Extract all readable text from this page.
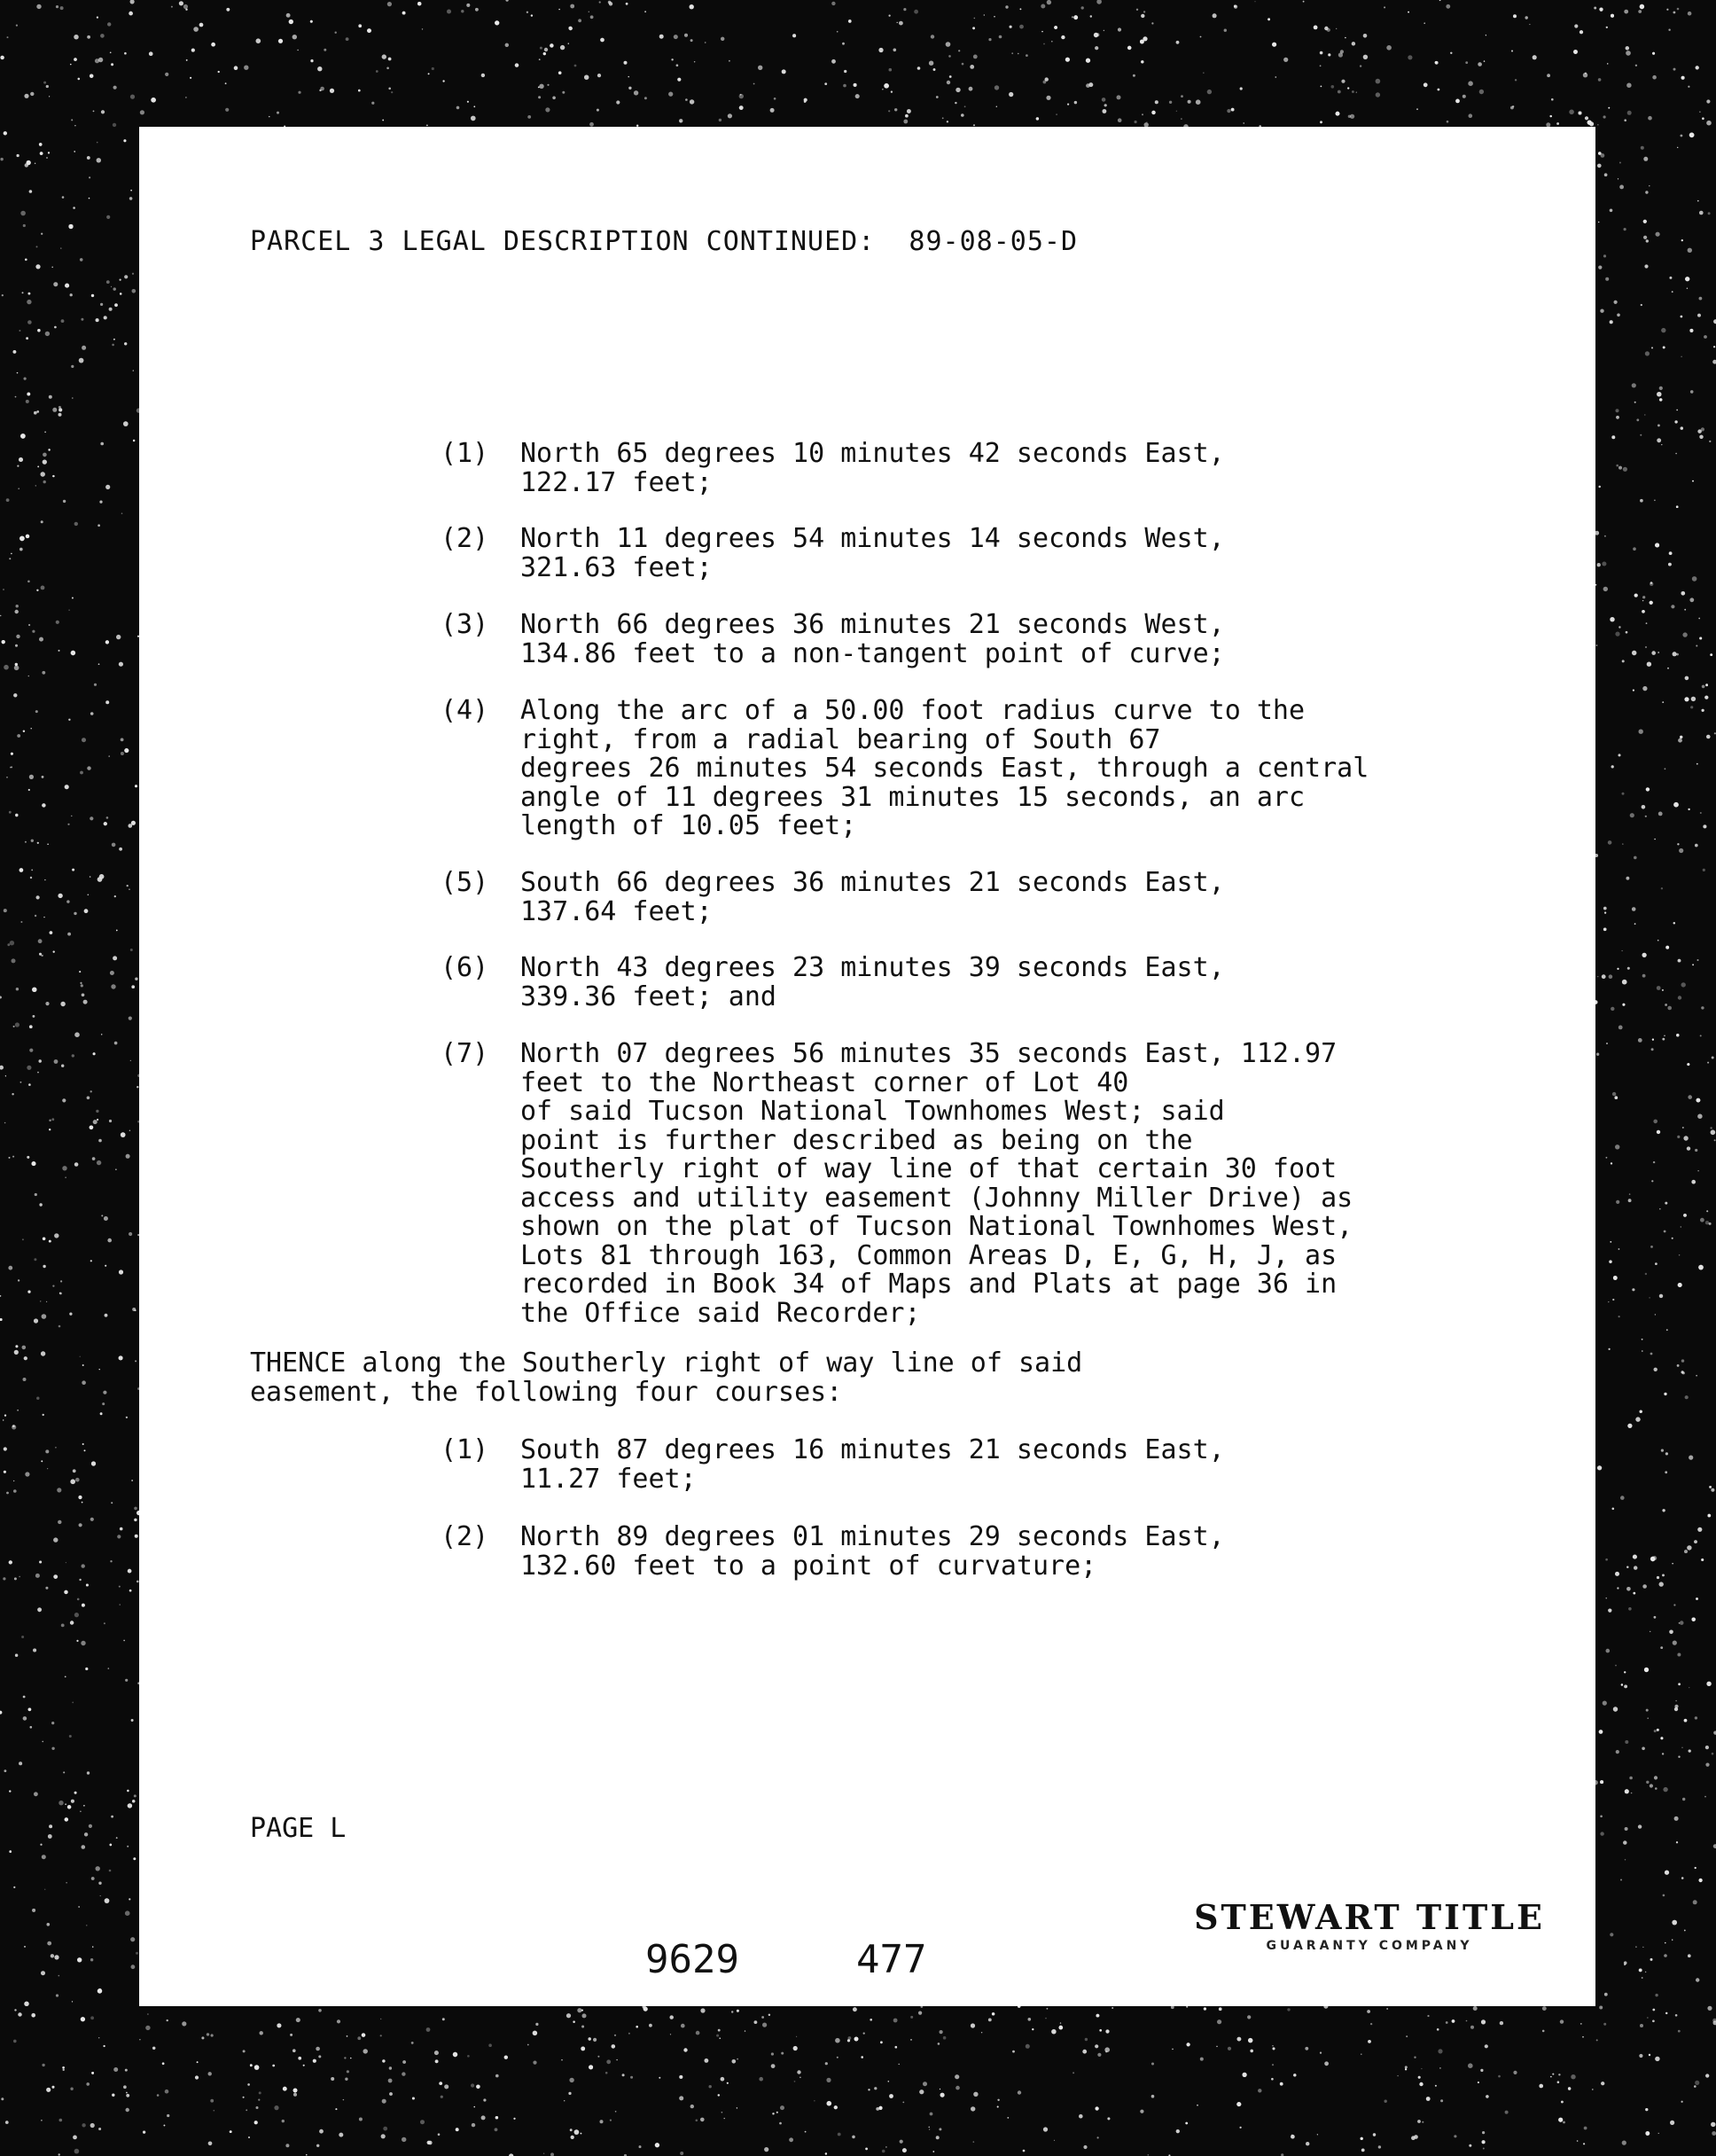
PARCEL 3 LEGAL DESCRIPTION CONTINUED:  89-08-05-D
(1) North 65 degrees 10 minutes 42 seconds East,
122.17 feet;
(2) North 11 degrees 54 minutes 14 seconds West,
321.63 feet;
(3) North 66 degrees 36 minutes 21 seconds West,
134.86 feet to a non-tangent point of curve;
(4) Along the arc of a 50.00 foot radius curve to the
right, from a radial bearing of South 67
degrees 26 minutes 54 seconds East, through a central
angle of 11 degrees 31 minutes 15 seconds, an arc
length of 10.05 feet;
(5) South 66 degrees 36 minutes 21 seconds East,
137.64 feet;
(6) North 43 degrees 23 minutes 39 seconds East,
339.36 feet; and
(7) North 07 degrees 56 minutes 35 seconds East, 112.97
feet to the Northeast corner of Lot 40
of said Tucson National Townhomes West; said
point is further described as being on the
Southerly right of way line of that certain 30 foot
access and utility easement (Johnny Miller Drive) as
shown on the plat of Tucson National Townhomes West,
Lots 81 through 163, Common Areas D, E, G, H, J, as
recorded in Book 34 of Maps and Plats at page 36 in
the Office said Recorder;
THENCE along the Southerly right of way line of said
easement, the following four courses:
(1) South 87 degrees 16 minutes 21 seconds East,
11.27 feet;
(2) North 89 degrees 01 minutes 29 seconds East,
132.60 feet to a point of curvature;
PAGE L
9629	477
STEWART TITLE
GUARANTY COMPANY
